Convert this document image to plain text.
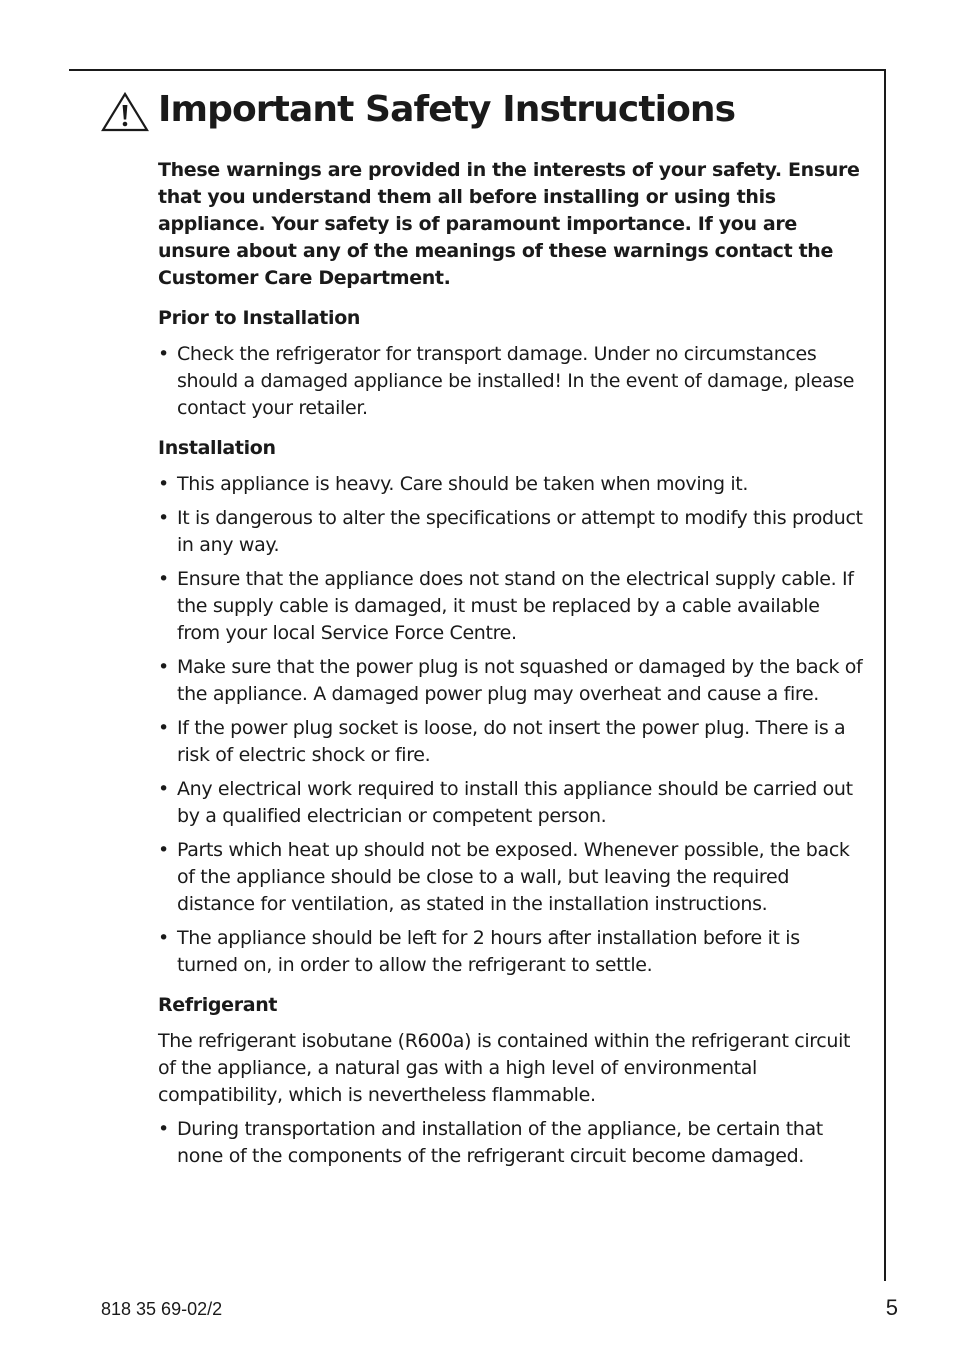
Important Safety Instructions

These warnings are provided in the interests of your safety. Ensure that you understand them all before installing or using this appliance. Your safety is of paramount importance. If you are unsure about any of the meanings of these warnings contact the Customer Care Department.

Prior to Installation
• Check the refrigerator for transport damage. Under no circumstances should a damaged appliance be installed! In the event of damage, please contact your retailer.
Installation
• This appliance is heavy. Care should be taken when moving it.
• It is dangerous to alter the specifications or attempt to modify this product in any way.
• Ensure that the appliance does not stand on the electrical supply cable. If the supply cable is damaged, it must be replaced by a cable available from your local Service Force Centre.
• Make sure that the power plug is not squashed or damaged by the back of the appliance. A damaged power plug may overheat and cause a fire.
• If the power plug socket is loose, do not insert the power plug. There is a risk of electric shock or fire.
• Any electrical work required to install this appliance should be carried out by a qualified electrician or competent person.
• Parts which heat up should not be exposed. Whenever possible, the back of the appliance should be close to a wall, but leaving the required distance for ventilation, as stated in the installation instructions.
• The appliance should be left for 2 hours after installation before it is turned on, in order to allow the refrigerant to settle.
Refrigerant

The refrigerant isobutane (R600a) is contained within the refrigerant circuit of the appliance, a natural gas with a high level of environmental compatibility, which is nevertheless flammable.

• During transportation and installation of the appliance, be certain that none of the components of the refrigerant circuit become damaged.
818 35 69-02/2	5
